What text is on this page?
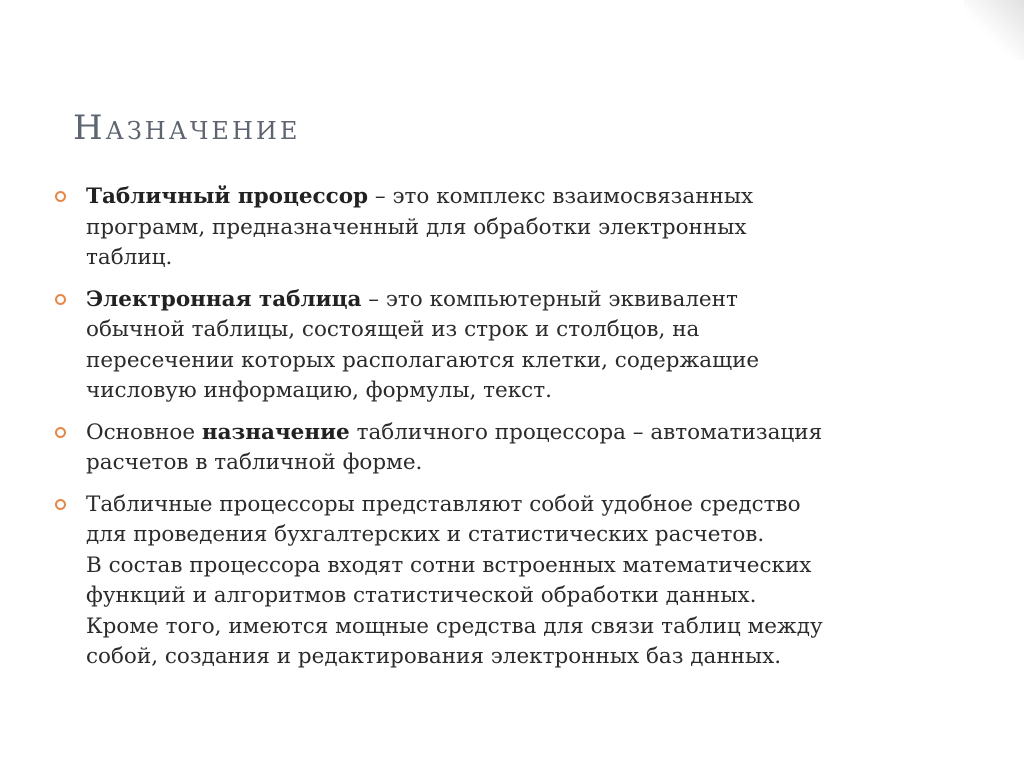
Назначение
Табличный процессор – это комплекс взаимосвязанных
программ, предназначенный для обработки электронных
таблиц.
Электронная таблица – это компьютерный эквивалент
обычной таблицы, состоящей из строк и столбцов, на
пересечении которых располагаются клетки, содержащие
числовую информацию, формулы, текст.
Основное назначение табличного процессора – автоматизация
расчетов в табличной форме.
Табличные процессоры представляют собой удобное средство
для проведения бухгалтерских и статистических расчетов.
В состав процессора входят сотни встроенных математических
функций и алгоритмов статистической обработки данных.
Кроме того, имеются мощные средства для связи таблиц между
собой, создания и редактирования электронных баз данных.
